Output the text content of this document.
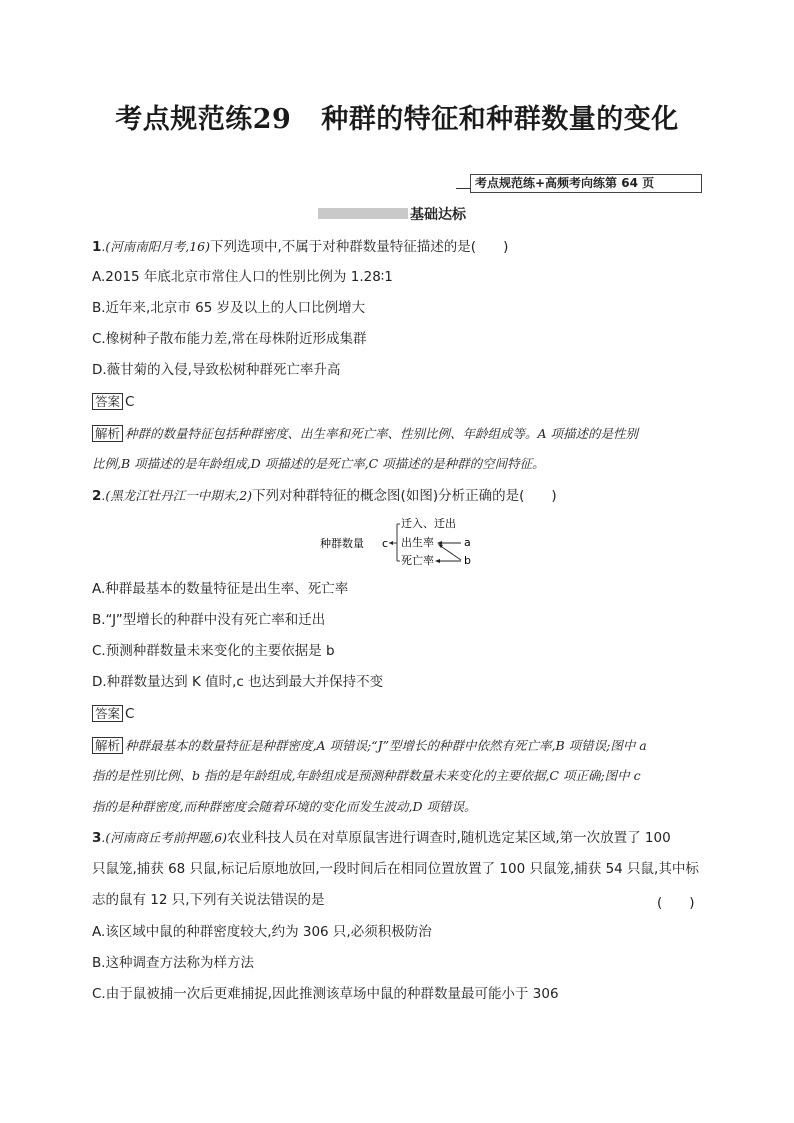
考点规范练29 种群的特征和种群数量的变化
考点规范练+高频考向练第 64 页
基础达标
1.(河南南阳月考,16)下列选项中,不属于对种群数量特征描述的是(　　)
A.2015 年底北京市常住人口的性别比例为 1.28∶1
B.近年来,北京市 65 岁及以上的人口比例增大
C.橡树种子散布能力差,常在母株附近形成集群
D.薇甘菊的入侵,导致松树种群死亡率升高
答案 C
解析 种群的数量特征包括种群密度、出生率和死亡率、性别比例、年龄组成等。A 项描述的是性别
比例,B 项描述的是年龄组成,D 项描述的是死亡率,C 项描述的是种群的空间特征。
2.(黑龙江牡丹江一中期末,2)下列对种群特征的概念图(如图)分析正确的是(　　)
种群数量 c
迁入、迁出
出生率
死亡率
a
b
A.种群最基本的数量特征是出生率、死亡率
B.“J”型增长的种群中没有死亡率和迁出
C.预测种群数量未来变化的主要依据是 b
D.种群数量达到 K 值时,c 也达到最大并保持不变
答案 C
解析 种群最基本的数量特征是种群密度,A 项错误;“J”型增长的种群中依然有死亡率,B 项错误;图中 a
指的是性别比例、b 指的是年龄组成,年龄组成是预测种群数量未来变化的主要依据,C 项正确;图中 c
指的是种群密度,而种群密度会随着环境的变化而发生波动,D 项错误。
3.(河南商丘考前押题,6)农业科技人员在对草原鼠害进行调查时,随机选定某区域,第一次放置了 100
只鼠笼,捕获 68 只鼠,标记后原地放回,一段时间后在相同位置放置了 100 只鼠笼,捕获 54 只鼠,其中标
志的鼠有 12 只,下列有关说法错误的是	(　　)
A.该区域中鼠的种群密度较大,约为 306 只,必须积极防治
B.这种调查方法称为样方法
C.由于鼠被捕一次后更难捕捉,因此推测该草场中鼠的种群数量最可能小于 306
